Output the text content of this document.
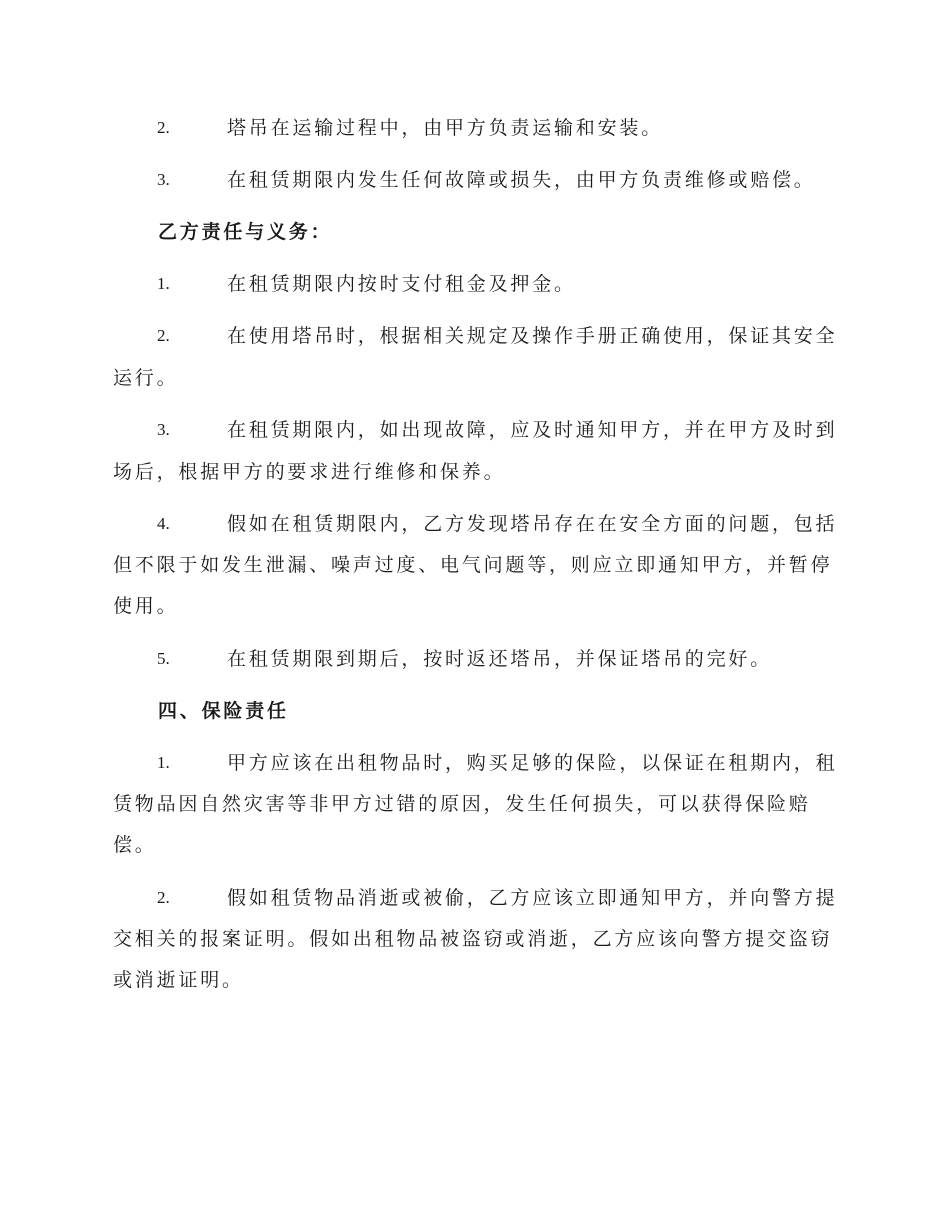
2.	塔吊在运输过程中，由甲方负责运输和安装。
3.	在租赁期限内发生任何故障或损失，由甲方负责维修或赔偿。
乙方责任与义务：
1.	在租赁期限内按时支付租金及押金。
2.	在使用塔吊时，根据相关规定及操作手册正确使用，保证其安全
运行。
3.	在租赁期限内，如出现故障，应及时通知甲方，并在甲方及时到
场后，根据甲方的要求进行维修和保养。
4.	假如在租赁期限内，乙方发现塔吊存在在安全方面的问题，包括
但不限于如发生泄漏、噪声过度、电气问题等，则应立即通知甲方，并暂停
使用。
5.	在租赁期限到期后，按时返还塔吊，并保证塔吊的完好。
四、保险责任
1.	甲方应该在出租物品时，购买足够的保险，以保证在租期内，租
赁物品因自然灾害等非甲方过错的原因，发生任何损失，可以获得保险赔
偿。
2.	假如租赁物品消逝或被偷，乙方应该立即通知甲方，并向警方提
交相关的报案证明。假如出租物品被盗窃或消逝，乙方应该向警方提交盗窃
或消逝证明。
